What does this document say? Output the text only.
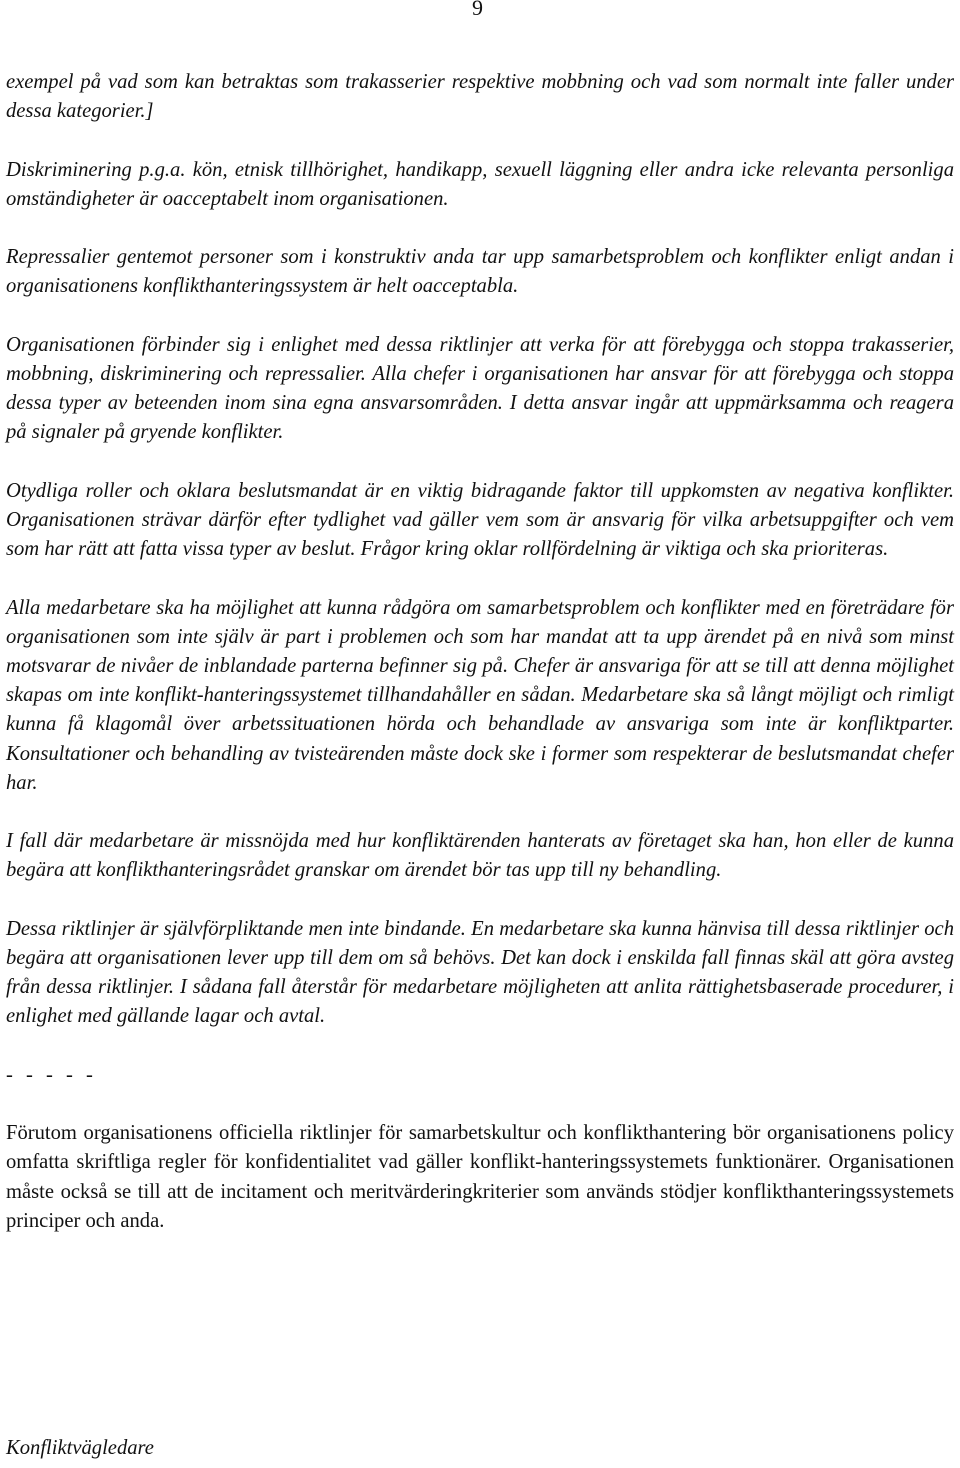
9

exempel på vad som kan betraktas som trakasserier respektive mobbning och vad som normalt inte faller under dessa kategorier.]

Diskriminering p.g.a. kön, etnisk tillhörighet, handikapp, sexuell läggning eller andra icke relevanta personliga omständigheter är oacceptabelt inom organisationen.

Repressalier gentemot personer som i konstruktiv anda tar upp samarbetsproblem och konflikter enligt andan i organisationens konflikthanteringssystem är helt oacceptabla.

Organisationen förbinder sig i enlighet med dessa riktlinjer att verka för att förebygga och stoppa trakasserier, mobbning, diskriminering och repressalier. Alla chefer i organisationen har ansvar för att förebygga och stoppa dessa typer av beteenden inom sina egna ansvarsområden. I detta ansvar ingår att uppmärksamma och reagera på signaler på gryende konflikter.

Otydliga roller och oklara beslutsmandat är en viktig bidragande faktor till uppkomsten av negativa konflikter. Organisationen strävar därför efter tydlighet vad gäller vem som är ansvarig för vilka arbetsuppgifter och vem som har rätt att fatta vissa typer av beslut. Frågor kring oklar rollfördelning är viktiga och ska prioriteras.

Alla medarbetare ska ha möjlighet att kunna rådgöra om samarbetsproblem och konflikter med en företrädare för organisationen som inte själv är part i problemen och som har mandat att ta upp ärendet på en nivå som minst motsvarar de nivåer de inblandade parterna befinner sig på. Chefer är ansvariga för att se till att denna möjlighet skapas om inte konflikt-hanteringssystemet tillhandahåller en sådan. Medarbetare ska så långt möjligt och rimligt kunna få klagomål över arbetssituationen hörda och behandlade av ansvariga som inte är konfliktparter. Konsultationer och behandling av tvisteärenden måste dock ske i former som respekterar de beslutsmandat chefer har.

I fall där medarbetare är missnöjda med hur konfliktärenden hanterats av företaget ska han, hon eller de kunna begära att konflikthanteringsrådet granskar om ärendet bör tas upp till ny behandling.

Dessa riktlinjer är självförpliktande men inte bindande. En medarbetare ska kunna hänvisa till dessa riktlinjer och begära att organisationen lever upp till dem om så behövs. Det kan dock i enskilda fall finnas skäl att göra avsteg från dessa riktlinjer. I sådana fall återstår för medarbetare möjligheten att anlita rättighetsbaserade procedurer, i enlighet med gällande lagar och avtal.

- - - - -

Förutom organisationens officiella riktlinjer för samarbetskultur och konflikthantering bör organisationens policy omfatta skriftliga regler för konfidentialitet vad gäller konflikt-hanteringssystemets funktionärer. Organisationen måste också se till att de incitament och meritvärderingkriterier som används stödjer konflikthanteringssystemets principer och anda.

Konfliktvägledare
